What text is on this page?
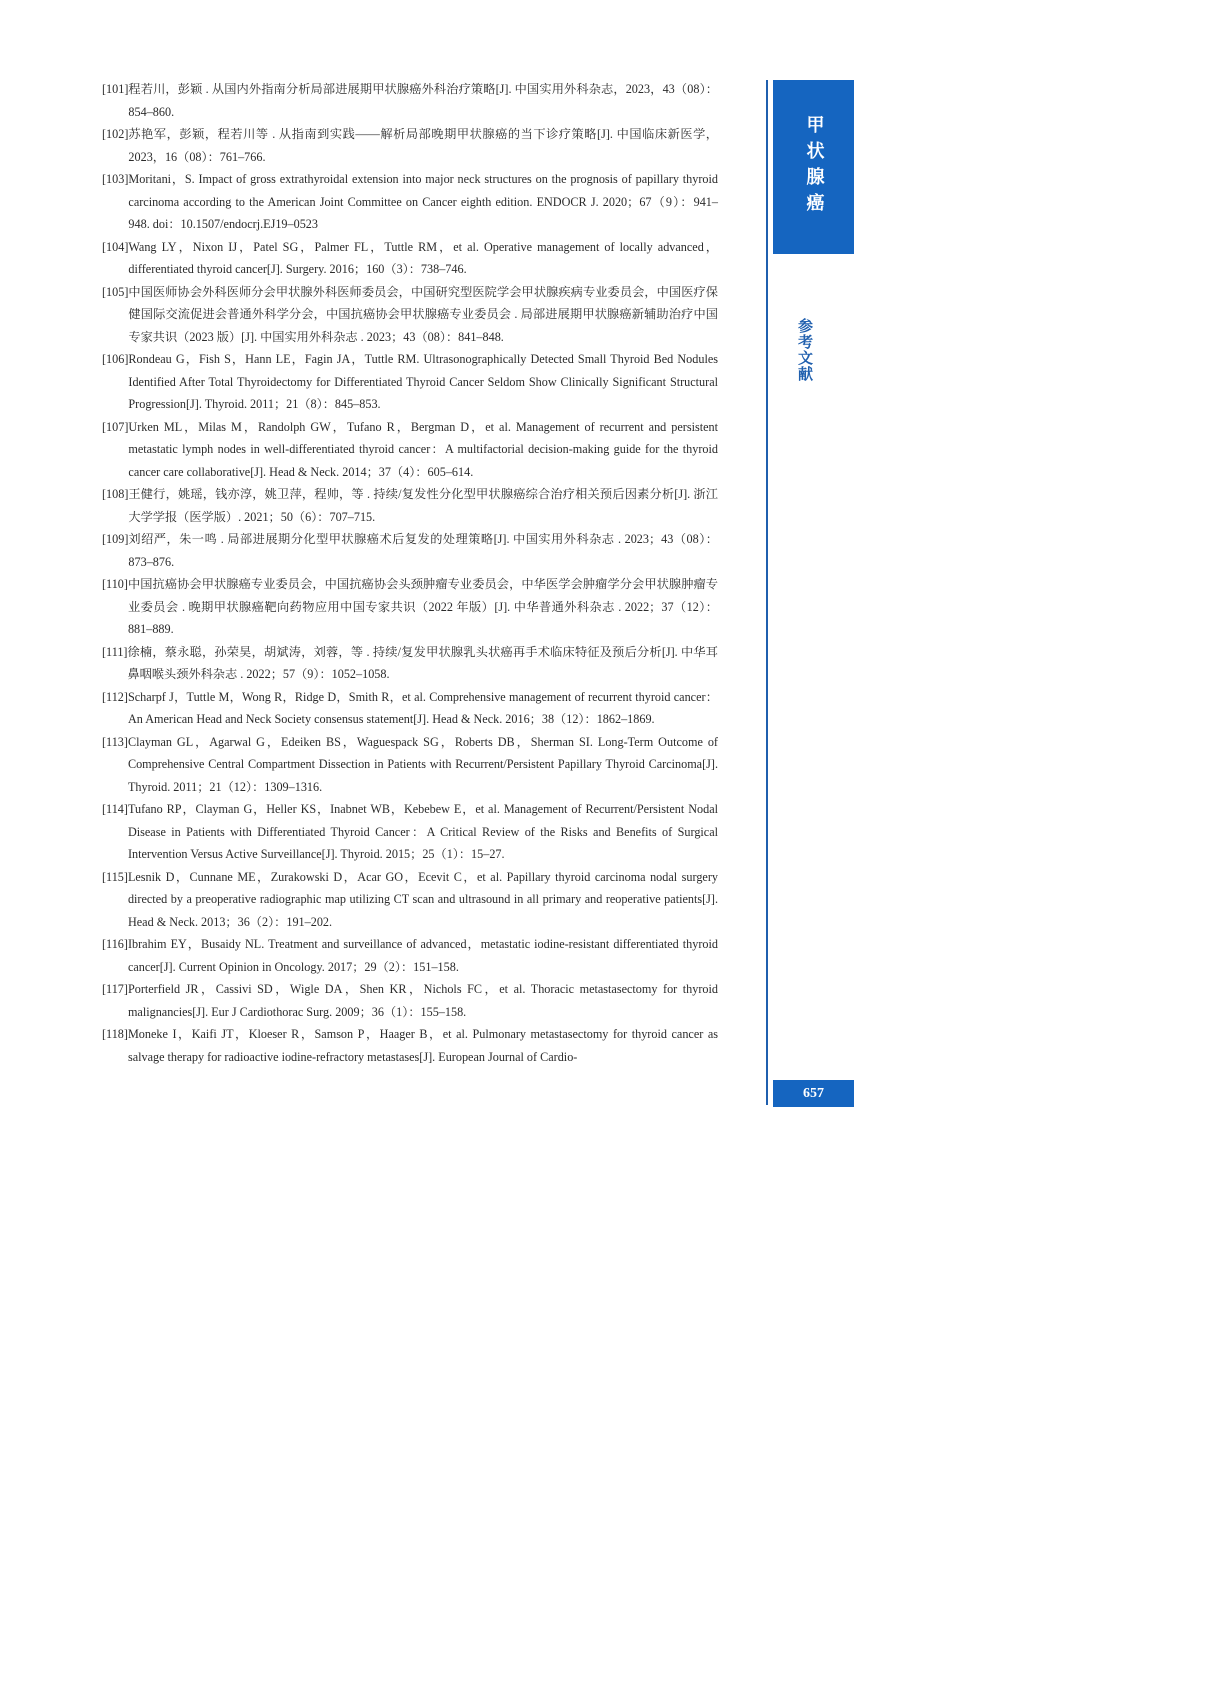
[101] 程若川，彭颖 . 从国内外指南分析局部进展期甲状腺癌外科治疗策略[J]. 中国实用外科杂志，2023，43（08）：854–860.
[102] 苏艳军，彭颖，程若川等 . 从指南到实践——解析局部晚期甲状腺癌的当下诊疗策略[J]. 中国临床新医学，2023，16（08）：761–766.
[103] Moritani，S. Impact of gross extrathyroidal extension into major neck structures on the prognosis of papillary thyroid carcinoma according to the American Joint Committee on Cancer eighth edition. ENDOCR J. 2020；67（9）：941–948. doi：10.1507/endocrj.EJ19–0523
[104] Wang LY，Nixon IJ，Patel SG，Palmer FL，Tuttle RM，et al. Operative management of locally advanced，differentiated thyroid cancer[J]. Surgery. 2016；160（3）：738–746.
[105] 中国医师协会外科医师分会甲状腺外科医师委员会，中国研究型医院学会甲状腺疾病专业委员会，中国医疗保健国际交流促进会普通外科学分会，中国抗癌协会甲状腺癌专业委员会 . 局部进展期甲状腺癌新辅助治疗中国专家共识（2023 版）[J]. 中国实用外科杂志 . 2023；43（08）：841–848.
[106] Rondeau G，Fish S，Hann LE，Fagin JA，Tuttle RM. Ultrasonographically Detected Small Thyroid Bed Nodules Identified After Total Thyroidectomy for Differentiated Thyroid Cancer Seldom Show Clinically Significant Structural Progression[J]. Thyroid. 2011；21（8）：845–853.
[107] Urken ML，Milas M，Randolph GW，Tufano R，Bergman D，et al. Management of recurrent and persistent metastatic lymph nodes in well-differentiated thyroid cancer：A multifactorial decision-making guide for the thyroid cancer care collaborative[J]. Head & Neck. 2014；37（4）：605–614.
[108] 王健行，姚瑶，钱亦淳，姚卫萍，程帅，等 . 持续/复发性分化型甲状腺癌综合治疗相关预后因素分析[J]. 浙江大学学报（医学版）. 2021；50（6）：707–715.
[109] 刘绍严，朱一鸣 . 局部进展期分化型甲状腺癌术后复发的处理策略[J]. 中国实用外科杂志 . 2023；43（08）：873–876.
[110] 中国抗癌协会甲状腺癌专业委员会，中国抗癌协会头颈肿瘤专业委员会，中华医学会肿瘤学分会甲状腺肿瘤专业委员会 . 晚期甲状腺癌靶向药物应用中国专家共识（2022 年版）[J]. 中华普通外科杂志 . 2022；37（12）：881–889.
[111] 徐楠，蔡永聪，孙荣昊，胡斌涛，刘蓉，等 . 持续/复发甲状腺乳头状癌再手术临床特征及预后分析[J]. 中华耳鼻咽喉头颈外科杂志 . 2022；57（9）：1052–1058.
[112] Scharpf J，Tuttle M，Wong R，Ridge D，Smith R，et al. Comprehensive management of recurrent thyroid cancer：An American Head and Neck Society consensus statement[J]. Head & Neck. 2016；38（12）：1862–1869.
[113] Clayman GL，Agarwal G，Edeiken BS，Waguespack SG，Roberts DB，Sherman SI. Long-Term Outcome of Comprehensive Central Compartment Dissection in Patients with Recurrent/Persistent Papillary Thyroid Carcinoma[J]. Thyroid. 2011；21（12）：1309–1316.
[114] Tufano RP，Clayman G，Heller KS，Inabnet WB，Kebebew E，et al. Management of Recurrent/Persistent Nodal Disease in Patients with Differentiated Thyroid Cancer：A Critical Review of the Risks and Benefits of Surgical Intervention Versus Active Surveillance[J]. Thyroid. 2015；25（1）：15–27.
[115] Lesnik D，Cunnane ME，Zurakowski D，Acar GO，Ecevit C，et al. Papillary thyroid carcinoma nodal surgery directed by a preoperative radiographic map utilizing CT scan and ultrasound in all primary and reoperative patients[J]. Head & Neck. 2013；36（2）：191–202.
[116] Ibrahim EY，Busaidy NL. Treatment and surveillance of advanced，metastatic iodine-resistant differentiated thyroid cancer[J]. Current Opinion in Oncology. 2017；29（2）：151–158.
[117] Porterfield JR，Cassivi SD，Wigle DA，Shen KR，Nichols FC，et al. Thoracic metastasectomy for thyroid malignancies[J]. Eur J Cardiothorac Surg. 2009；36（1）：155–158.
[118] Moneke I，Kaifi JT，Kloeser R，Samson P，Haager B，et al. Pulmonary metastasectomy for thyroid cancer as salvage therapy for radioactive iodine-refractory metastases[J]. European Journal of Cardio-
甲状腺癌
参考文献
657
